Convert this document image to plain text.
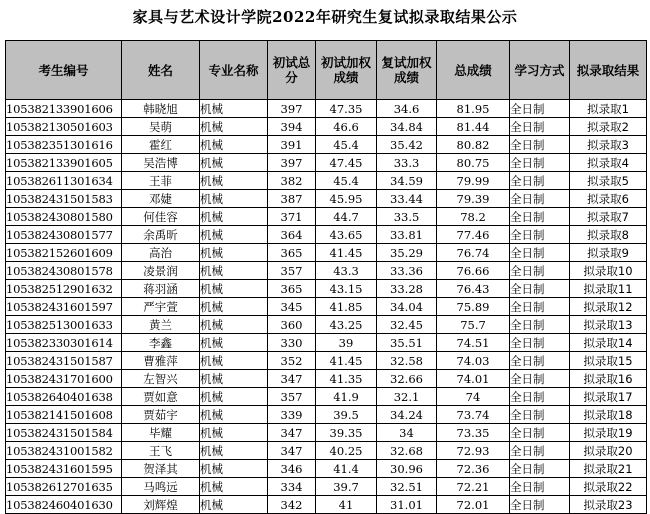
家具与艺术设计学院2022年研究生复试拟录取结果公示
考生编号	姓名	专业名称	初试总分	初试加权成绩	复试加权成绩	总成绩	学习方式	拟录取结果
105382133901606	韩晓旭	机械	397	47.35	34.6	81.95	全日制	拟录取1
105382130501603	吴萌	机械	394	46.6	34.84	81.44	全日制	拟录取2
105382351301616	霍红	机械	391	45.4	35.42	80.82	全日制	拟录取3
105382133901605	吴浩博	机械	397	47.45	33.3	80.75	全日制	拟录取4
105382611301634	王菲	机械	382	45.4	34.59	79.99	全日制	拟录取5
105382431501583	邓婕	机械	387	45.95	33.44	79.39	全日制	拟录取6
105382430801580	何佳容	机械	371	44.7	33.5	78.2	全日制	拟录取7
105382430801577	余禹昕	机械	364	43.65	33.81	77.46	全日制	拟录取8
105382152601609	高治	机械	365	41.45	35.29	76.74	全日制	拟录取9
105382430801578	凌景润	机械	357	43.3	33.36	76.66	全日制	拟录取10
105382512901632	蒋羽涵	机械	365	43.15	33.28	76.43	全日制	拟录取11
105382431601597	严宇萱	机械	345	41.85	34.04	75.89	全日制	拟录取12
105382513001633	黄兰	机械	360	43.25	32.45	75.7	全日制	拟录取13
105382330301614	李鑫	机械	330	39	35.51	74.51	全日制	拟录取14
105382431501587	曹雅萍	机械	352	41.45	32.58	74.03	全日制	拟录取15
105382431701600	左智兴	机械	347	41.35	32.66	74.01	全日制	拟录取16
105382640401638	贾如意	机械	357	41.9	32.1	74	全日制	拟录取17
105382141501608	贾茹宇	机械	339	39.5	34.24	73.74	全日制	拟录取18
105382431501584	毕耀	机械	347	39.35	34	73.35	全日制	拟录取19
105382431001582	王飞	机械	347	40.25	32.68	72.93	全日制	拟录取20
105382431601595	贺泽其	机械	346	41.4	30.96	72.36	全日制	拟录取21
105382612701635	马鸣远	机械	334	39.7	32.51	72.21	全日制	拟录取22
105382460401630	刘辉煌	机械	342	41	31.01	72.01	全日制	拟录取23
